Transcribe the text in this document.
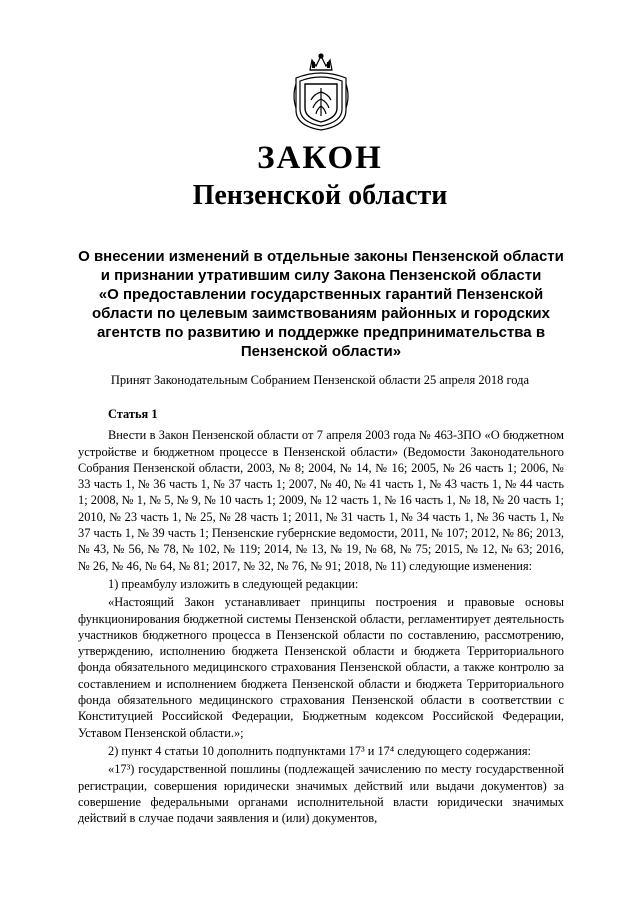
ЗАКОН
Пензенской области
О внесении изменений в отдельные законы Пензенской области
и признании утратившим силу Закона Пензенской области
«О предоставлении государственных гарантий Пензенской
области по целевым заимствованиям районных и городских
агентств по развитию и поддержке предпринимательства в
Пензенской области»

Принят Законодательным Собранием Пензенской области 25 апреля 2018 года

Статья 1

Внести в Закон Пензенской области от 7 апреля 2003 года № 463-ЗПО «О бюджетном устройстве и бюджетном процессе в Пензенской области» (Ведомости Законодательного Собрания Пензенской области, 2003, № 8; 2004, № 14, № 16; 2005, № 26 часть 1; 2006, № 33 часть 1, № 36 часть 1, № 37 часть 1; 2007, № 40, № 41 часть 1, № 43 часть 1, № 44 часть 1; 2008, № 1, № 5, № 9, № 10 часть 1; 2009, № 12 часть 1, № 16 часть 1, № 18, № 20 часть 1; 2010, № 23 часть 1, № 25, № 28 часть 1; 2011, № 31 часть 1, № 34 часть 1, № 36 часть 1, № 37 часть 1, № 39 часть 1; Пензенские губернские ведомости, 2011, № 107; 2012, № 86; 2013, № 43, № 56, № 78, № 102, № 119; 2014, № 13, № 19, № 68, № 75; 2015, № 12, № 63; 2016, № 26, № 46, № 64, № 81; 2017, № 32, № 76, № 91; 2018, № 11) следующие изменения:

1) преамбулу изложить в следующей редакции:

«Настоящий Закон устанавливает принципы построения и правовые основы функционирования бюджетной системы Пензенской области, регламентирует деятельность участников бюджетного процесса в Пензенской области по составлению, рассмотрению, утверждению, исполнению бюджета Пензенской области и бюджета Территориального фонда обязательного медицинского страхования Пензенской области, а также контролю за составлением и исполнением бюджета Пензенской области и бюджета Территориального фонда обязательного медицинского страхования Пензенской области в соответствии с Конституцией Российской Федерации, Бюджетным кодексом Российской Федерации, Уставом Пензенской области.»;

2) пункт 4 статьи 10 дополнить подпунктами 17³ и 17⁴ следующего содержания:

«17³) государственной пошлины (подлежащей зачислению по месту государственной регистрации, совершения юридически значимых действий или выдачи документов) за совершение федеральными органами исполнительной власти юридически значимых действий в случае подачи заявления и (или) документов,
